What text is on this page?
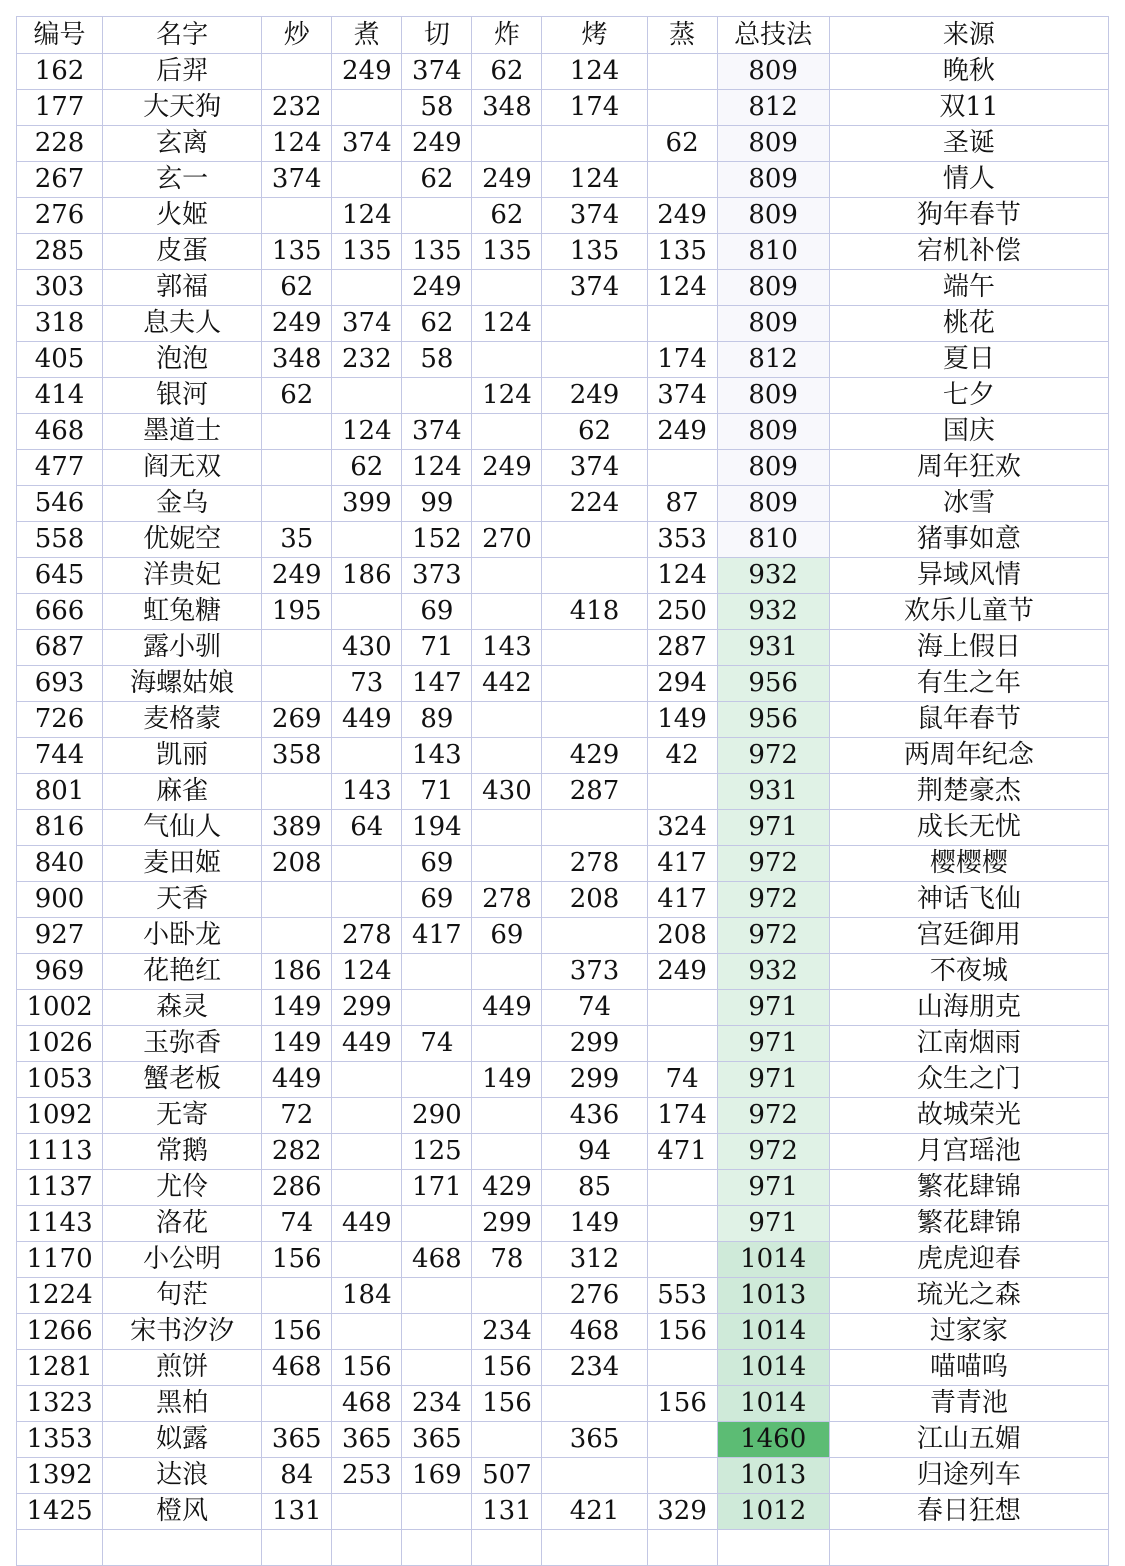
编号	名字	炒	煮	切	炸	烤	蒸	总技法	来源
162	后羿		249	374	62	124		809	晚秋
177	大天狗	232		58	348	174		812	双11
228	玄离	124	374	249			62	809	圣诞
267	玄一	374		62	249	124		809	情人
276	火姬		124		62	374	249	809	狗年春节
285	皮蛋	135	135	135	135	135	135	810	宕机补偿
303	郭福	62		249		374	124	809	端午
318	息夫人	249	374	62	124			809	桃花
405	泡泡	348	232	58			174	812	夏日
414	银河	62			124	249	374	809	七夕
468	墨道士		124	374		62	249	809	国庆
477	阎无双		62	124	249	374		809	周年狂欢
546	金乌		399	99		224	87	809	冰雪
558	优妮空	35		152	270		353	810	猪事如意
645	洋贵妃	249	186	373			124	932	异域风情
666	虹兔糖	195		69		418	250	932	欢乐儿童节
687	露小驯		430	71	143		287	931	海上假日
693	海螺姑娘		73	147	442		294	956	有生之年
726	麦格蒙	269	449	89			149	956	鼠年春节
744	凯丽	358		143		429	42	972	两周年纪念
801	麻雀		143	71	430	287		931	荆楚豪杰
816	气仙人	389	64	194			324	971	成长无忧
840	麦田姬	208		69		278	417	972	樱樱樱
900	天香			69	278	208	417	972	神话飞仙
927	小卧龙		278	417	69		208	972	宫廷御用
969	花艳红	186	124			373	249	932	不夜城
1002	森灵	149	299		449	74		971	山海朋克
1026	玉弥香	149	449	74		299		971	江南烟雨
1053	蟹老板	449			149	299	74	971	众生之门
1092	无寄	72		290		436	174	972	故城荣光
1113	常鹅	282		125		94	471	972	月宫瑶池
1137	尤伶	286		171	429	85		971	繁花肆锦
1143	洛花	74	449		299	149		971	繁花肆锦
1170	小公明	156		468	78	312		1014	虎虎迎春
1224	句茫		184			276	553	1013	琉光之森
1266	宋书汐汐	156			234	468	156	1014	过家家
1281	煎饼	468	156		156	234		1014	喵喵呜
1323	黑柏		468	234	156		156	1014	青青池
1353	姒露	365	365	365		365		1460	江山五媚
1392	达浪	84	253	169	507			1013	归途列车
1425	橙风	131			131	421	329	1012	春日狂想
